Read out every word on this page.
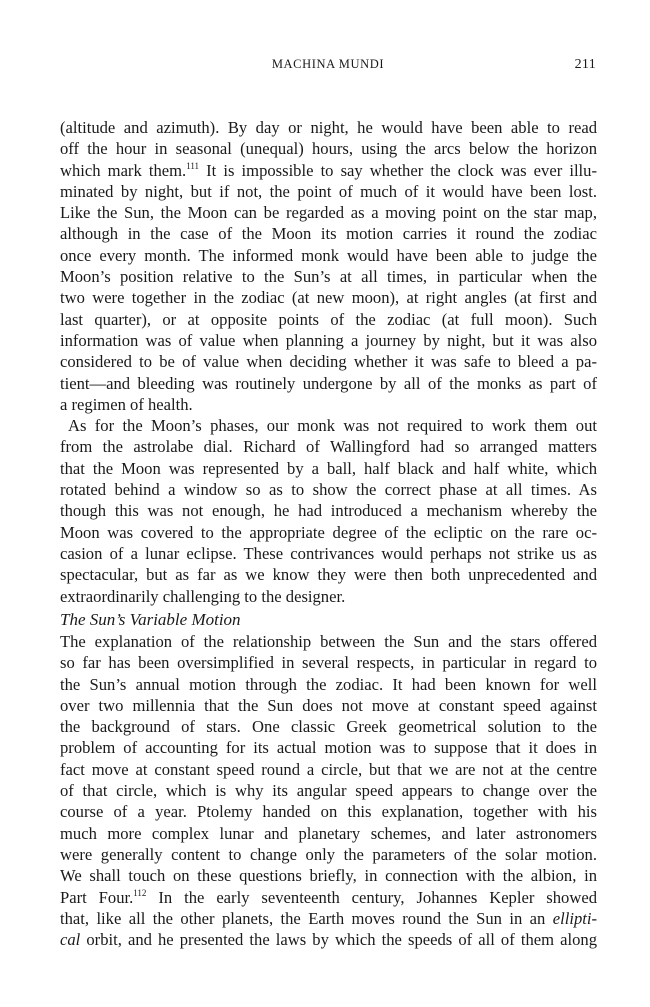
MACHINA MUNDI	211

(altitude and azimuth). By day or night, he would have been able to read
off the hour in seasonal (unequal) hours, using the arcs below the horizon
which mark them.$^{111}$ It is impossible to say whether the clock was ever illu-
minated by night, but if not, the point of much of it would have been lost.
Like the Sun, the Moon can be regarded as a moving point on the star map,
although in the case of the Moon its motion carries it round the zodiac
once every month. The informed monk would have been able to judge the
Moon’s position relative to the Sun’s at all times, in particular when the
two were together in the zodiac (at new moon), at right angles (at first and
last quarter), or at opposite points of the zodiac (at full moon). Such
information was of value when planning a journey by night, but it was also
considered to be of value when deciding whether it was safe to bleed a pa-
tient—and bleeding was routinely undergone by all of the monks as part of
a regimen of health.

As for the Moon’s phases, our monk was not required to work them out
from the astrolabe dial. Richard of Wallingford had so arranged matters
that the Moon was represented by a ball, half black and half white, which
rotated behind a window so as to show the correct phase at all times. As
though this was not enough, he had introduced a mechanism whereby the
Moon was covered to the appropriate degree of the ecliptic on the rare oc-
casion of a lunar eclipse. These contrivances would perhaps not strike us as
spectacular, but as far as we know they were then both unprecedented and
extraordinarily challenging to the designer.

The Sun’s Variable Motion

The explanation of the relationship between the Sun and the stars offered
so far has been oversimplified in several respects, in particular in regard to
the Sun’s annual motion through the zodiac. It had been known for well
over two millennia that the Sun does not move at constant speed against
the background of stars. One classic Greek geometrical solution to the
problem of accounting for its actual motion was to suppose that it does in
fact move at constant speed round a circle, but that we are not at the centre
of that circle, which is why its angular speed appears to change over the
course of a year. Ptolemy handed on this explanation, together with his
much more complex lunar and planetary schemes, and later astronomers
were generally content to change only the parameters of the solar motion.
We shall touch on these questions briefly, in connection with the albion, in
Part Four.$^{112}$ In the early seventeenth century, Johannes Kepler showed
that, like all the other planets, the Earth moves round the Sun in an ellipti-
cal orbit, and he presented the laws by which the speeds of all of them along
